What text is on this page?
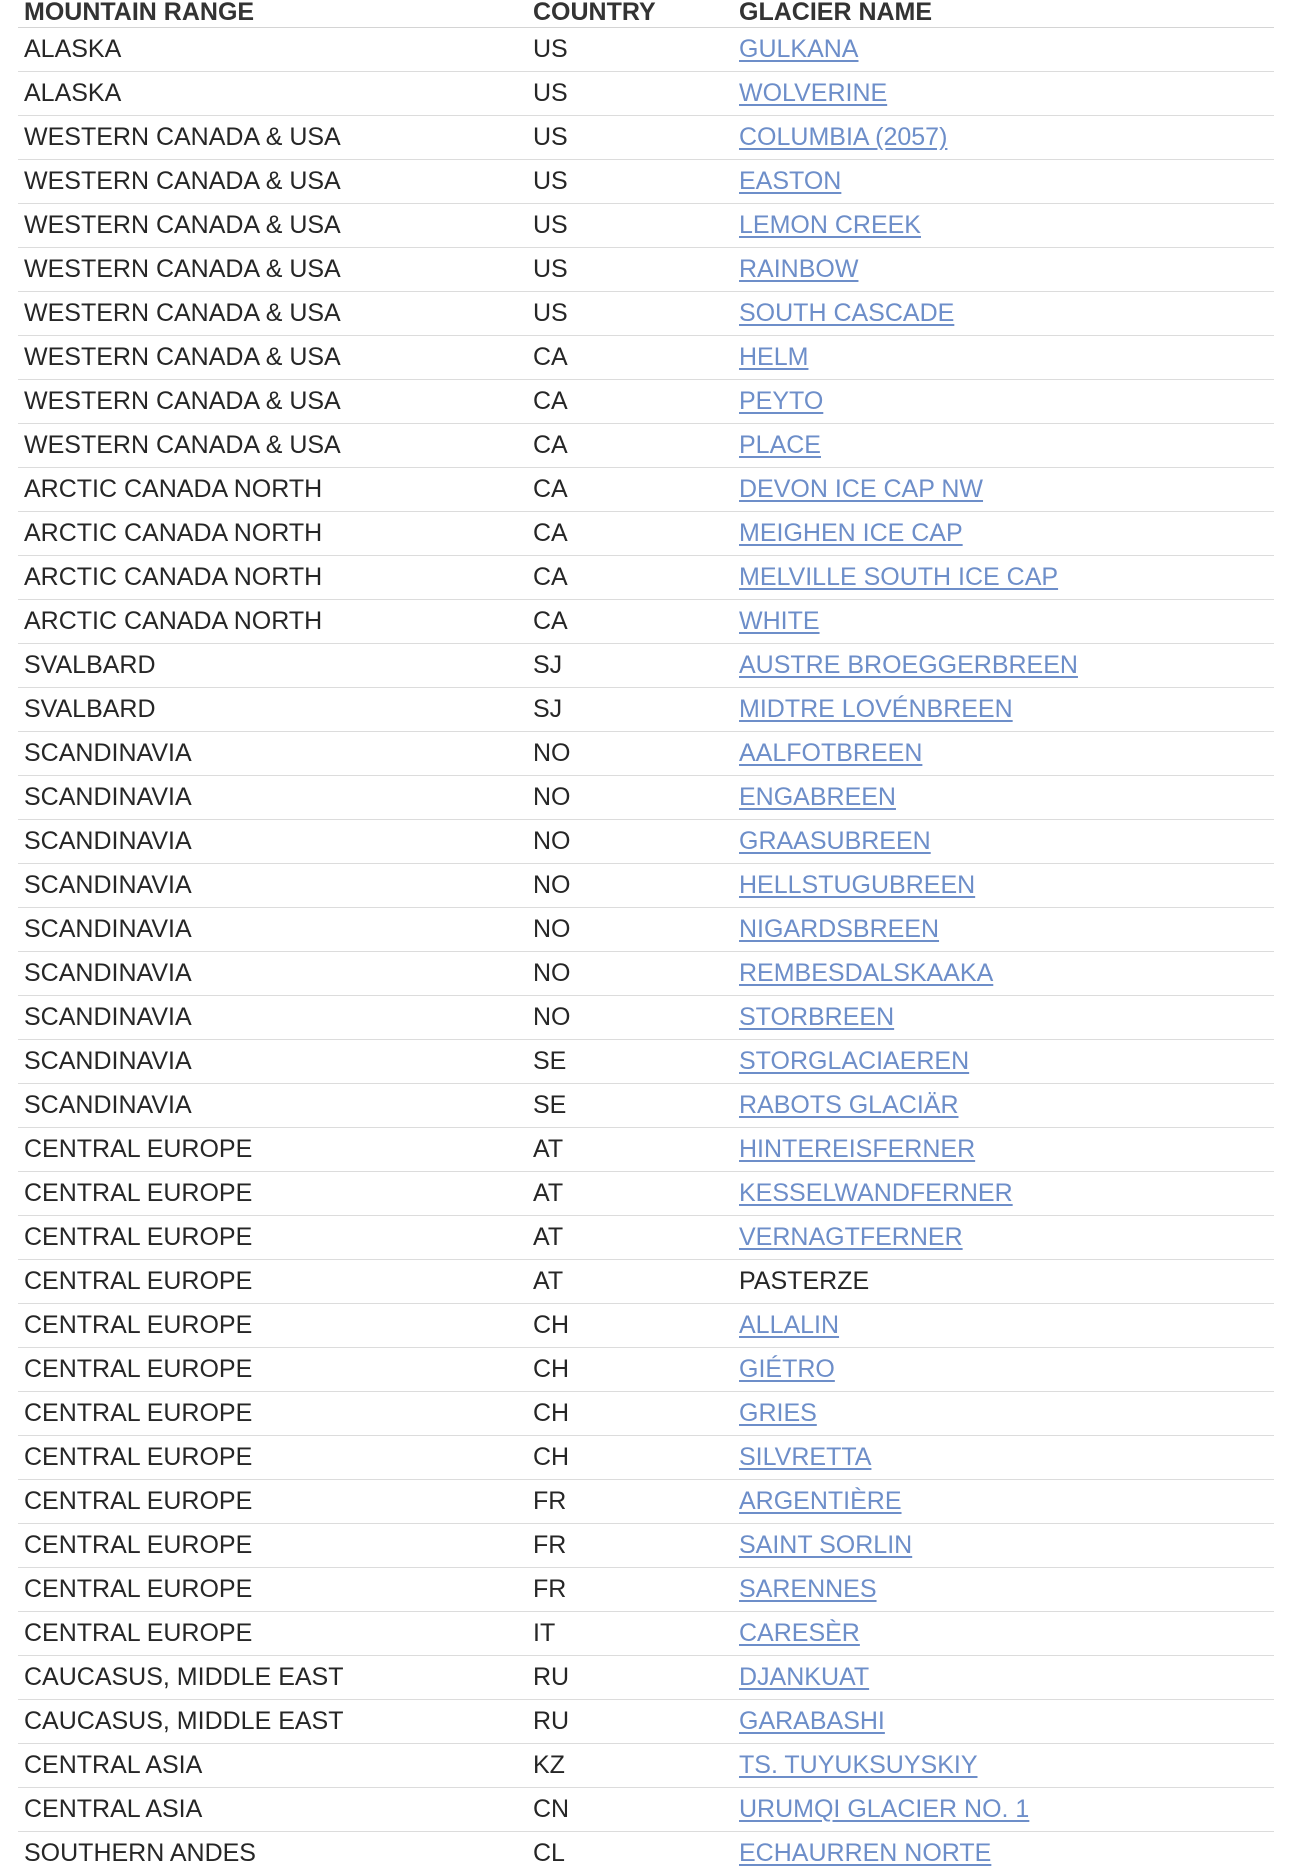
MOUNTAIN RANGE	COUNTRY	GLACIER NAME
ALASKA	US	GULKANA
ALASKA	US	WOLVERINE
WESTERN CANADA & USA	US	COLUMBIA (2057)
WESTERN CANADA & USA	US	EASTON
WESTERN CANADA & USA	US	LEMON CREEK
WESTERN CANADA & USA	US	RAINBOW
WESTERN CANADA & USA	US	SOUTH CASCADE
WESTERN CANADA & USA	CA	HELM
WESTERN CANADA & USA	CA	PEYTO
WESTERN CANADA & USA	CA	PLACE
ARCTIC CANADA NORTH	CA	DEVON ICE CAP NW
ARCTIC CANADA NORTH	CA	MEIGHEN ICE CAP
ARCTIC CANADA NORTH	CA	MELVILLE SOUTH ICE CAP
ARCTIC CANADA NORTH	CA	WHITE
SVALBARD	SJ	AUSTRE BROEGGERBREEN
SVALBARD	SJ	MIDTRE LOVÉNBREEN
SCANDINAVIA	NO	AALFOTBREEN
SCANDINAVIA	NO	ENGABREEN
SCANDINAVIA	NO	GRAASUBREEN
SCANDINAVIA	NO	HELLSTUGUBREEN
SCANDINAVIA	NO	NIGARDSBREEN
SCANDINAVIA	NO	REMBESDALSKAAKA
SCANDINAVIA	NO	STORBREEN
SCANDINAVIA	SE	STORGLACIAEREN
SCANDINAVIA	SE	RABOTS GLACIÄR
CENTRAL EUROPE	AT	HINTEREISFERNER
CENTRAL EUROPE	AT	KESSELWANDFERNER
CENTRAL EUROPE	AT	VERNAGTFERNER
CENTRAL EUROPE	AT	PASTERZE
CENTRAL EUROPE	CH	ALLALIN
CENTRAL EUROPE	CH	GIÉTRO
CENTRAL EUROPE	CH	GRIES
CENTRAL EUROPE	CH	SILVRETTA
CENTRAL EUROPE	FR	ARGENTIÈRE
CENTRAL EUROPE	FR	SAINT SORLIN
CENTRAL EUROPE	FR	SARENNES
CENTRAL EUROPE	IT	CARESÈR
CAUCASUS, MIDDLE EAST	RU	DJANKUAT
CAUCASUS, MIDDLE EAST	RU	GARABASHI
CENTRAL ASIA	KZ	TS. TUYUKSUYSKIY
CENTRAL ASIA	CN	URUMQI GLACIER NO. 1
SOUTHERN ANDES	CL	ECHAURREN NORTE
